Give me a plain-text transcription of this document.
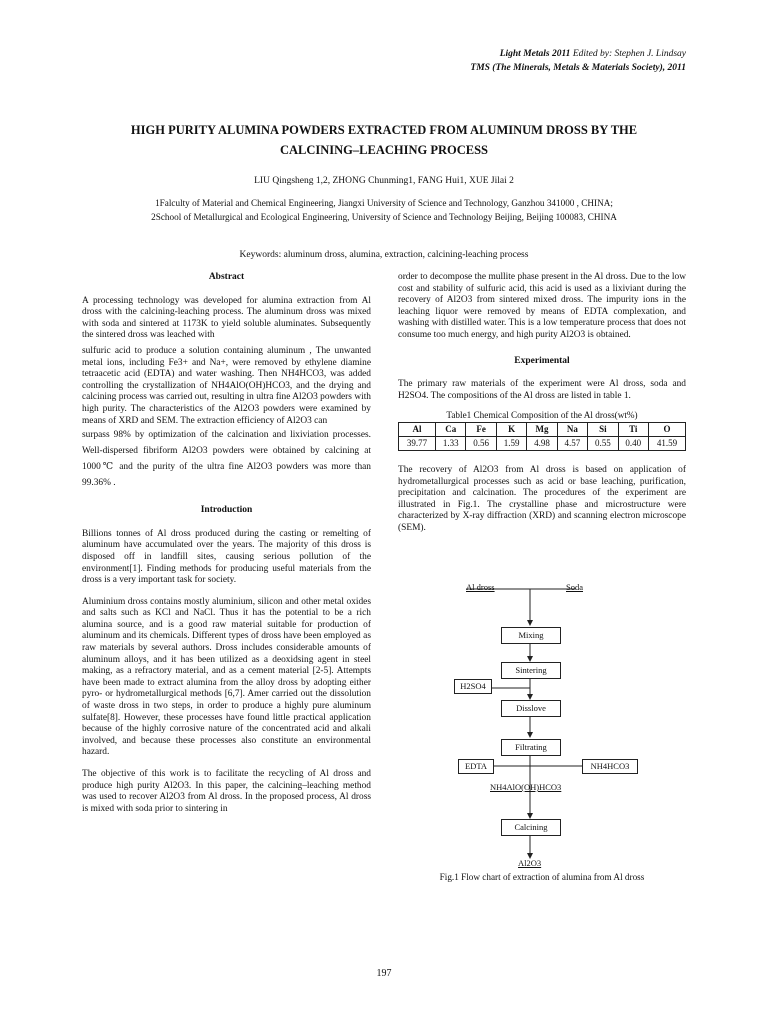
Light Metals 2011 Edited by: Stephen J. Lindsay
TMS (The Minerals, Metals & Materials Society), 2011
HIGH PURITY ALUMINA POWDERS EXTRACTED FROM ALUMINUM DROSS BY THE
CALCINING–LEACHING PROCESS
LIU Qingsheng 1,2, ZHONG Chunming1, FANG Hui1, XUE Jilai 2
1Falculty of Material and Chemical Engineering, Jiangxi University of Science and Technology, Ganzhou 341000 , CHINA;
2School of Metallurgical and Ecological Engineering, University of Science and Technology Beijing, Beijing 100083, CHINA
Keywords: aluminum dross, alumina, extraction, calcining-leaching process
Abstract

A processing technology was developed for alumina extraction from Al dross with the calcining-leaching process. The aluminum dross was mixed with soda and sintered at 1173K to yield soluble aluminates. Subsequently the sintered dross was leached with

sulfuric acid to produce a solution containing aluminum , The unwanted metal ions, including Fe3+ and Na+, were removed by ethylene diamine tetraacetic acid (EDTA) and water washing. Then NH4HCO3, was added controlling the crystallization of NH4AlO(OH)HCO3, and the drying and calcining process was carried out, resulting in ultra fine Al2O3 powders with high purity. The characteristics of the Al2O3 powders were examined by means of XRD and SEM. The extraction efficiency of Al2O3 can

surpass 98% by optimization of the calcination and lixiviation processes. Well-dispersed fibriform Al2O3 powders were obtained by calcining at 1000℃ and the purity of the ultra fine Al2O3 powders was more than 99.36% .

Introduction

Billions tonnes of Al dross produced during the casting or remelting of aluminum have accumulated over the years. The majority of this dross is disposed off in landfill sites, causing serious pollution of the environment[1]. Finding methods for producing useful materials from the dross is a very important task for society.

Aluminium dross contains mostly aluminium, silicon and other metal oxides and salts such as KCl and NaCl. Thus it has the potential to be a rich alumina source, and is a good raw material suitable for production of aluminum and its chemicals. Different types of dross have been employed as raw materials by several authors. Dross includes considerable amounts of aluminum alloys, and it has been utilized as a deoxidsing agent in steel making, as a refractory material, and as a cement material [2-5]. Attempts have been made to extract alumina from the alloy dross by adopting either pyro- or hydrometallurgical methods [6,7]. Amer carried out the dissolution of waste dross in two steps, in order to produce a highly pure aluminum sulfate[8]. However, these processes have found little practical application because of the highly corrosive nature of the concentrated acid and alkali involved, and because these processes also constitute an environmental hazard.

The objective of this work is to facilitate the recycling of Al dross and produce high purity Al2O3. In this paper, the calcining–leaching method was used to recover Al2O3 from Al dross. In the proposed process, Al dross is mixed with soda prior to sintering in

order to decompose the mullite phase present in the Al dross. Due to the low cost and stability of sulfuric acid, this acid is used as a lixiviant during the recovery of Al2O3 from sintered mixed dross. The impurity ions in the leaching liquor were removed by means of EDTA complexation, and washing with distilled water. This is a low temperature process that does not consume too much energy, and high purity Al2O3 is obtained.

Experimental

The primary raw materials of the experiment were Al dross, soda and H2SO4. The compositions of the Al dross are listed in table 1.

Table1 Chemical Composition of the Al dross(wt%)
Al	Ca	Fe	K	Mg	Na	Si	Ti	O
39.77	1.33	0.56	1.59	4.98	4.57	0.55	0.40	41.59

The recovery of Al2O3 from Al dross is based on application of hydrometallurgical processes such as acid or base leaching, purification, precipitation and calcination. The procedures of the experiment are illustrated in Fig.1. The crystalline phase and microstructure were characterized by X-ray diffraction (XRD) and scanning electron microscope (SEM).

Al dross	Soda
Mixing
Sintering
H2SO4
Disslove
Filtrating
EDTA	NH4HCO3
NH4AlO(OH)HCO3
Calcining
Al2O3
Fig.1 Flow chart of extraction of alumina from Al dross
197
